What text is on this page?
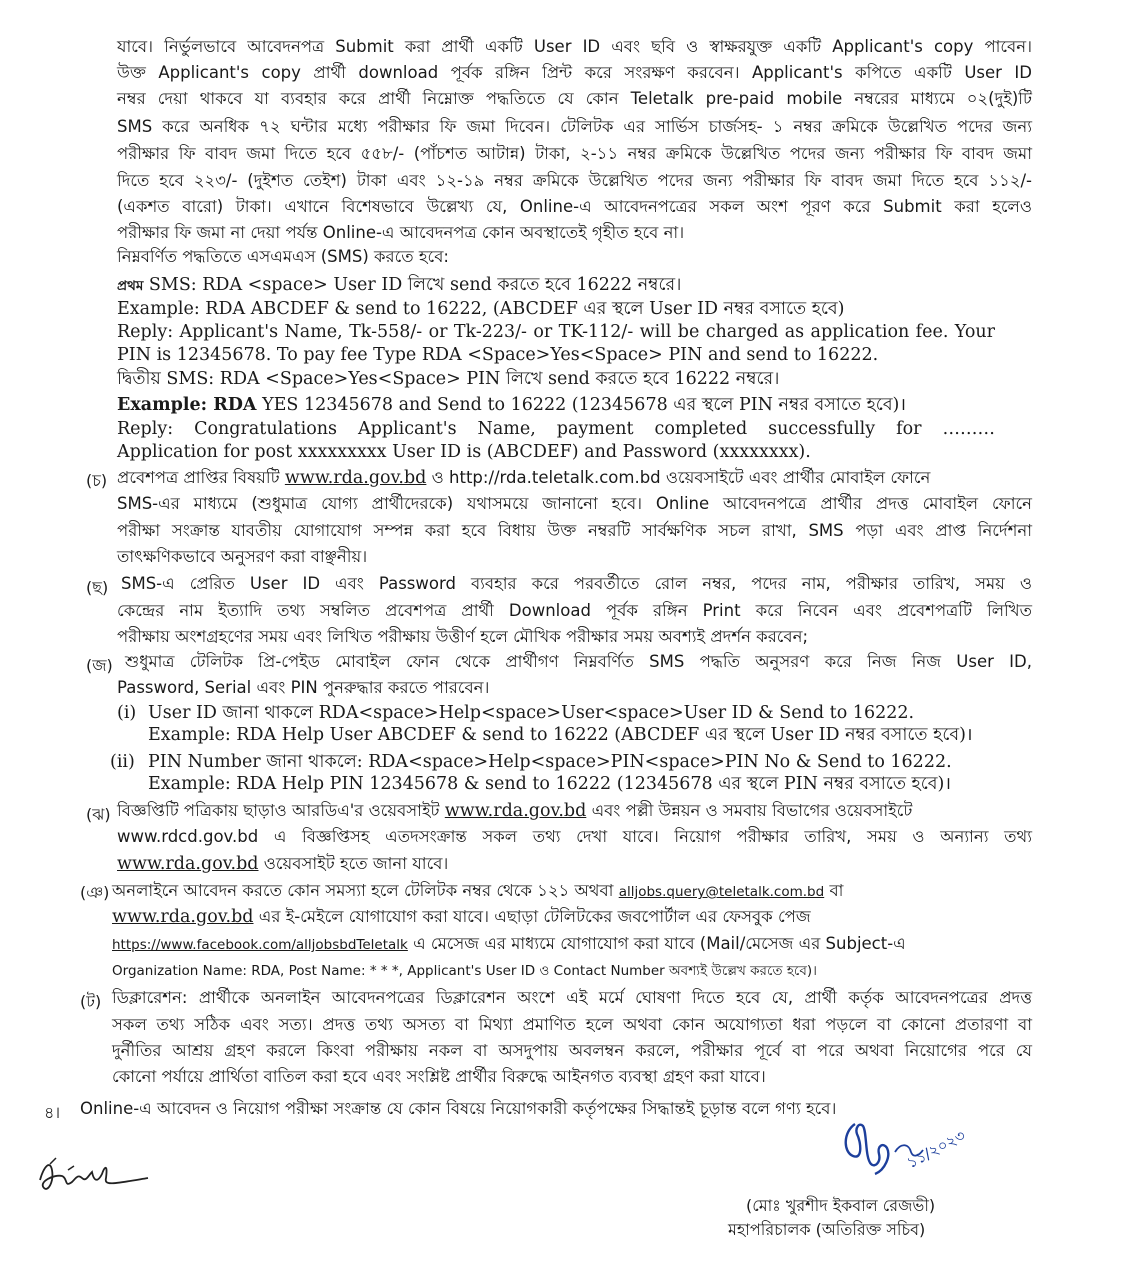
যাবে। নির্ভুলভাবে আবেদনপত্র Submit করা প্রার্থী একটি User ID এবং ছবি ও স্বাক্ষরযুক্ত একটি Applicant's copy পাবেন।
উক্ত Applicant's copy প্রার্থী download পূর্বক রঙ্গিন প্রিন্ট করে সংরক্ষণ করবেন। Applicant's কপিতে একটি User ID
নম্বর দেয়া থাকবে যা ব্যবহার করে প্রার্থী নিম্নোক্ত পদ্ধতিতে যে কোন Teletalk pre-paid mobile নম্বরের মাধ্যমে ০২(দুই)টি
SMS করে অনধিক ৭২ ঘন্টার মধ্যে পরীক্ষার ফি জমা দিবেন। টেলিটক এর সার্ভিস চার্জসহ- ১ নম্বর ক্রমিকে উল্লেখিত পদের জন্য
পরীক্ষার ফি বাবদ জমা দিতে হবে ৫৫৮/- (পাঁচশত আটান্ন) টাকা, ২-১১ নম্বর ক্রমিকে উল্লেখিত পদের জন্য পরীক্ষার ফি বাবদ জমা
দিতে হবে ২২৩/- (দুইশত তেইশ) টাকা এবং ১২-১৯ নম্বর ক্রমিকে উল্লেখিত পদের জন্য পরীক্ষার ফি বাবদ জমা দিতে হবে ১১২/-
(একশত বারো) টাকা। এখানে বিশেষভাবে উল্লেখ্য যে, Online-এ আবেদনপত্রের সকল অংশ পূরণ করে Submit করা হলেও
পরীক্ষার ফি জমা না দেয়া পর্যন্ত Online-এ আবেদনপত্র কোন অবস্থাতেই গৃহীত হবে না।
নিম্নবর্ণিত পদ্ধতিতে এসএমএস (SMS) করতে হবে:
প্রথম SMS: RDA <space> User ID লিখে send করতে হবে 16222 নম্বরে।
Example: RDA ABCDEF & send to 16222, (ABCDEF এর স্থলে User ID নম্বর বসাতে হবে)
Reply: Applicant's Name, Tk-558/- or Tk-223/- or TK-112/- will be charged as application fee. Your
PIN is 12345678. To pay fee Type RDA <Space>Yes<Space> PIN and send to 16222.
দ্বিতীয় SMS: RDA <Space>Yes<Space> PIN লিখে send করতে হবে 16222 নম্বরে।
Example: RDA YES 12345678 and Send to 16222 (12345678 এর স্থলে PIN নম্বর বসাতে হবে)।
Reply: Congratulations Applicant's Name, payment completed successfully for ………
Application for post xxxxxxxxx User ID is (ABCDEF) and Password (xxxxxxxx).
(চ) প্রবেশপত্র প্রাপ্তির বিষয়টি www.rda.gov.bd ও http://rda.teletalk.com.bd ওয়েবসাইটে এবং প্রার্থীর মোবাইল ফোনে
SMS-এর মাধ্যমে (শুধুমাত্র যোগ্য প্রার্থীদেরকে) যথাসময়ে জানানো হবে। Online আবেদনপত্রে প্রার্থীর প্রদত্ত মোবাইল ফোনে
পরীক্ষা সংক্রান্ত যাবতীয় যোগাযোগ সম্পন্ন করা হবে বিধায় উক্ত নম্বরটি সার্বক্ষণিক সচল রাখা, SMS পড়া এবং প্রাপ্ত নির্দেশনা
তাৎক্ষণিকভাবে অনুসরণ করা বাঞ্ছনীয়।
(ছ) SMS-এ প্রেরিত User ID এবং Password ব্যবহার করে পরবর্তীতে রোল নম্বর, পদের নাম, পরীক্ষার তারিখ, সময় ও
কেন্দ্রের নাম ইত্যাদি তথ্য সম্বলিত প্রবেশপত্র প্রার্থী Download পূর্বক রঙ্গিন Print করে নিবেন এবং প্রবেশপত্রটি লিখিত
পরীক্ষায় অংশগ্রহণের সময় এবং লিখিত পরীক্ষায় উত্তীর্ণ হলে মৌখিক পরীক্ষার সময় অবশ্যই প্রদর্শন করবেন;
(জ) শুধুমাত্র টেলিটক প্রি-পেইড মোবাইল ফোন থেকে প্রার্থীগণ নিম্নবর্ণিত SMS পদ্ধতি অনুসরণ করে নিজ নিজ User ID,
Password, Serial এবং PIN পুনরুদ্ধার করতে পারবেন।
(i) User ID জানা থাকলে RDA<space>Help<space>User<space>User ID & Send to 16222.
Example: RDA Help User ABCDEF & send to 16222 (ABCDEF এর স্থলে User ID নম্বর বসাতে হবে)।
(ii) PIN Number জানা থাকলে: RDA<space>Help<space>PIN<space>PIN No & Send to 16222.
Example: RDA Help PIN 12345678 & send to 16222 (12345678 এর স্থলে PIN নম্বর বসাতে হবে)।
(ঝ) বিজ্ঞপ্তিটি পত্রিকায় ছাড়াও আরডিএ'র ওয়েবসাইট www.rda.gov.bd এবং পল্লী উন্নয়ন ও সমবায় বিভাগের ওয়েবসাইটে
www.rdcd.gov.bd এ বিজ্ঞপ্তিসহ এতদসংক্রান্ত সকল তথ্য দেখা যাবে। নিয়োগ পরীক্ষার তারিখ, সময় ও অন্যান্য তথ্য
www.rda.gov.bd ওয়েবসাইট হতে জানা যাবে।
(ঞ) অনলাইনে আবেদন করতে কোন সমস্যা হলে টেলিটক নম্বর থেকে ১২১ অথবা alljobs.query@teletalk.com.bd বা
www.rda.gov.bd এর ই-মেইলে যোগাযোগ করা যাবে। এছাড়া টেলিটকের জবপোর্টাল এর ফেসবুক পেজ
https://www.facebook.com/alljobsbdTeletalk এ মেসেজ এর মাধ্যমে যোগাযোগ করা যাবে (Mail/মেসেজ এর Subject-এ
Organization Name: RDA, Post Name: * * *, Applicant's User ID ও Contact Number অবশ্যই উল্লেখ করতে হবে)।
(ট) ডিক্লারেশন: প্রার্থীকে অনলাইন আবেদনপত্রের ডিক্লারেশন অংশে এই মর্মে ঘোষণা দিতে হবে যে, প্রার্থী কর্তৃক আবেদনপত্রের প্রদত্ত
সকল তথ্য সঠিক এবং সত্য। প্রদত্ত তথ্য অসত্য বা মিথ্যা প্রমাণিত হলে অথবা কোন অযোগ্যতা ধরা পড়লে বা কোনো প্রতারণা বা
দুর্নীতির আশ্রয় গ্রহণ করলে কিংবা পরীক্ষায় নকল বা অসদুপায় অবলম্বন করলে, পরীক্ষার পূর্বে বা পরে অথবা নিয়োগের পরে যে
কোনো পর্যায়ে প্রার্থিতা বাতিল করা হবে এবং সংশ্লিষ্ট প্রার্থীর বিরুদ্ধে আইনগত ব্যবস্থা গ্রহণ করা যাবে।
৪। Online-এ আবেদন ও নিয়োগ পরীক্ষা সংক্রান্ত যে কোন বিষয়ে নিয়োগকারী কর্তৃপক্ষের সিদ্ধান্তই চূড়ান্ত বলে গণ্য হবে।
১১/২০২৩
(মোঃ খুরশীদ ইকবাল রেজভী)
মহাপরিচালক (অতিরিক্ত সচিব)
